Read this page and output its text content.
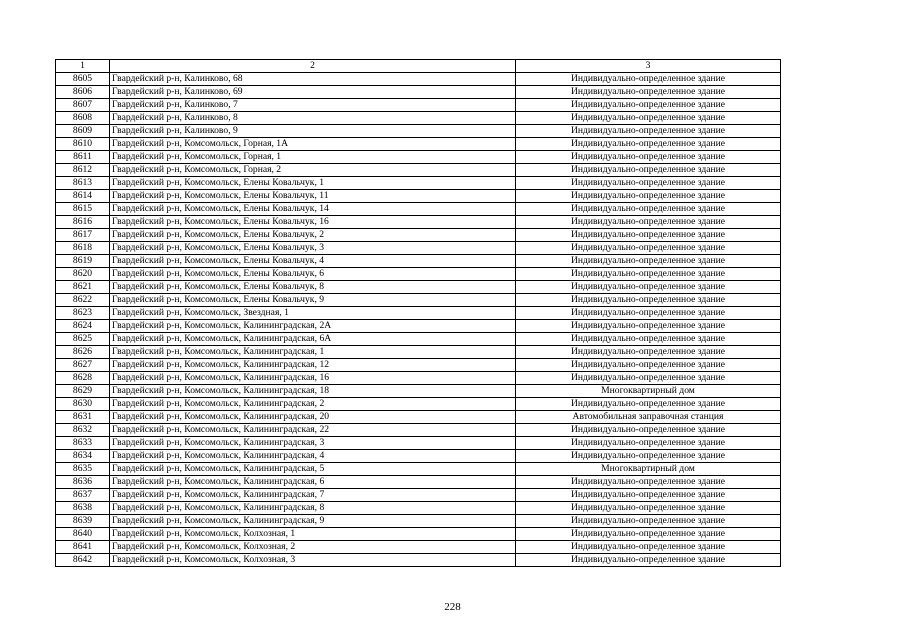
1	2	3
8605	Гвардейский р-н, Калинково, 68	Индивидуально-определенное здание
8606	Гвардейский р-н, Калинково, 69	Индивидуально-определенное здание
8607	Гвардейский р-н, Калинково, 7	Индивидуально-определенное здание
8608	Гвардейский р-н, Калинково, 8	Индивидуально-определенное здание
8609	Гвардейский р-н, Калинково, 9	Индивидуально-определенное здание
8610	Гвардейский р-н, Комсомольск, Горная, 1А	Индивидуально-определенное здание
8611	Гвардейский р-н, Комсомольск, Горная, 1	Индивидуально-определенное здание
8612	Гвардейский р-н, Комсомольск, Горная, 2	Индивидуально-определенное здание
8613	Гвардейский р-н, Комсомольск, Елены Ковальчук, 1	Индивидуально-определенное здание
8614	Гвардейский р-н, Комсомольск, Елены Ковальчук, 11	Индивидуально-определенное здание
8615	Гвардейский р-н, Комсомольск, Елены Ковальчук, 14	Индивидуально-определенное здание
8616	Гвардейский р-н, Комсомольск, Елены Ковальчук, 16	Индивидуально-определенное здание
8617	Гвардейский р-н, Комсомольск, Елены Ковальчук, 2	Индивидуально-определенное здание
8618	Гвардейский р-н, Комсомольск, Елены Ковальчук, 3	Индивидуально-определенное здание
8619	Гвардейский р-н, Комсомольск, Елены Ковальчук, 4	Индивидуально-определенное здание
8620	Гвардейский р-н, Комсомольск, Елены Ковальчук, 6	Индивидуально-определенное здание
8621	Гвардейский р-н, Комсомольск, Елены Ковальчук, 8	Индивидуально-определенное здание
8622	Гвардейский р-н, Комсомольск, Елены Ковальчук, 9	Индивидуально-определенное здание
8623	Гвардейский р-н, Комсомольск, Звездная, 1	Индивидуально-определенное здание
8624	Гвардейский р-н, Комсомольск, Калининградская, 2А	Индивидуально-определенное здание
8625	Гвардейский р-н, Комсомольск, Калининградская, 6А	Индивидуально-определенное здание
8626	Гвардейский р-н, Комсомольск, Калининградская, 1	Индивидуально-определенное здание
8627	Гвардейский р-н, Комсомольск, Калининградская, 12	Индивидуально-определенное здание
8628	Гвардейский р-н, Комсомольск, Калининградская, 16	Индивидуально-определенное здание
8629	Гвардейский р-н, Комсомольск, Калининградская, 18	Многоквартирный дом
8630	Гвардейский р-н, Комсомольск, Калининградская, 2	Индивидуально-определенное здание
8631	Гвардейский р-н, Комсомольск, Калининградская, 20	Автомобильная заправочная станция
8632	Гвардейский р-н, Комсомольск, Калининградская, 22	Индивидуально-определенное здание
8633	Гвардейский р-н, Комсомольск, Калининградская, 3	Индивидуально-определенное здание
8634	Гвардейский р-н, Комсомольск, Калининградская, 4	Индивидуально-определенное здание
8635	Гвардейский р-н, Комсомольск, Калининградская, 5	Многоквартирный дом
8636	Гвардейский р-н, Комсомольск, Калининградская, 6	Индивидуально-определенное здание
8637	Гвардейский р-н, Комсомольск, Калининградская, 7	Индивидуально-определенное здание
8638	Гвардейский р-н, Комсомольск, Калининградская, 8	Индивидуально-определенное здание
8639	Гвардейский р-н, Комсомольск, Калининградская, 9	Индивидуально-определенное здание
8640	Гвардейский р-н, Комсомольск, Колхозная, 1	Индивидуально-определенное здание
8641	Гвардейский р-н, Комсомольск, Колхозная, 2	Индивидуально-определенное здание
8642	Гвардейский р-н, Комсомольск, Колхозная, 3	Индивидуально-определенное здание
228
